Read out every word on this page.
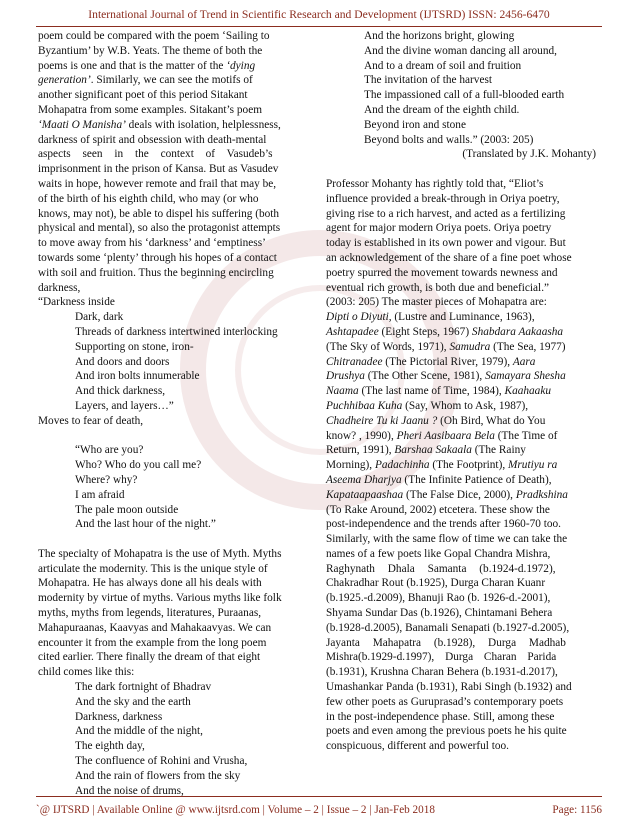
International Journal of Trend in Scientific Research and Development (IJTSRD) ISSN: 2456-6470
poem could be compared with the poem ‘Sailing to
Byzantium’ by W.B. Yeats. The theme of both the
poems is one and that is the matter of the ‘dying
generation’. Similarly, we can see the motifs of
another significant poet of this period Sitakant
Mohapatra from some examples. Sitakant’s poem
‘Maati O Manisha’ deals with isolation, helplessness,
darkness of spirit and obsession with death-mental
aspects seen in the context of Vasudeb’s
imprisonment in the prison of Kansa. But as Vasudev
waits in hope, however remote and frail that may be,
of the birth of his eighth child, who may (or who
knows, may not), be able to dispel his suffering (both
physical and mental), so also the protagonist attempts
to move away from his ‘darkness’ and ‘emptiness’
towards some ‘plenty’ through his hopes of a contact
with soil and fruition. Thus the beginning encircling
darkness,
“Darkness inside
Dark, dark
Threads of darkness intertwined interlocking
Supporting on stone, iron-
And doors and doors
And iron bolts innumerable
And thick darkness,
Layers, and layers…”
Moves to fear of death,
“Who are you?
Who? Who do you call me?
Where? why?
I am afraid
The pale moon outside
And the last hour of the night.”
The specialty of Mohapatra is the use of Myth. Myths
articulate the modernity. This is the unique style of
Mohapatra. He has always done all his deals with
modernity by virtue of myths. Various myths like folk
myths, myths from legends, literatures, Puraanas,
Mahapuraanas, Kaavyas and Mahakaavyas. We can
encounter it from the example from the long poem
cited earlier. There finally the dream of that eight
child comes like this:
The dark fortnight of Bhadrav
And the sky and the earth
Darkness, darkness
And the middle of the night,
The eighth day,
The confluence of Rohini and Vrusha,
And the rain of flowers from the sky
And the noise of drums,
And the horizons bright, glowing
And the divine woman dancing all around,
And to a dream of soil and fruition
The invitation of the harvest
The impassioned call of a full-blooded earth
And the dream of the eighth child.
Beyond iron and stone
Beyond bolts and walls.” (2003: 205)
(Translated by J.K. Mohanty)
Professor Mohanty has rightly told that, “Eliot’s
influence provided a break-through in Oriya poetry,
giving rise to a rich harvest, and acted as a fertilizing
agent for major modern Oriya poets. Oriya poetry
today is established in its own power and vigour. But
an acknowledgement of the share of a fine poet whose
poetry spurred the movement towards newness and
eventual rich growth, is both due and beneficial.”
(2003: 205) The master pieces of Mohapatra are:
Dipti o Diyuti, (Lustre and Luminance, 1963),
Ashtapadee (Eight Steps, 1967) Shabdara Aakaasha
(The Sky of Words, 1971), Samudra (The Sea, 1977)
Chitranadee (The Pictorial River, 1979), Aara
Drushya (The Other Scene, 1981), Samayara Shesha
Naama (The last name of Time, 1984), Kaahaaku
Puchhibaa Kuha (Say, Whom to Ask, 1987),
Chadheire Tu ki Jaanu ? (Oh Bird, What do You
know? , 1990), Pheri Aasibaara Bela (The Time of
Return, 1991), Barshaa Sakaala (The Rainy
Morning), Padachinha (The Footprint), Mrutiyu ra
Aseema Dharjya (The Infinite Patience of Death),
Kapataapaashaa (The False Dice, 2000), Pradkshina
(To Rake Around, 2002) etcetera. These show the
post-independence and the trends after 1960-70 too.
Similarly, with the same flow of time we can take the
names of a few poets like Gopal Chandra Mishra,
Raghynath Dhala Samanta (b.1924-d.1972),
Chakradhar Rout (b.1925), Durga Charan Kuanr
(b.1925.-d.2009), Bhanuji Rao (b. 1926-d.-2001),
Shyama Sundar Das (b.1926), Chintamani Behera
(b.1928-d.2005), Banamali Senapati (b.1927-d.2005),
Jayanta Mahapatra (b.1928), Durga Madhab
Mishra(b.1929-d.1997), Durga Charan Parida
(b.1931), Krushna Charan Behera (b.1931-d.2017),
Umashankar Panda (b.1931), Rabi Singh (b.1932) and
few other poets as Guruprasad’s contemporary poets
in the post-independence phase. Still, among these
poets and even among the previous poets he his quite
conspicuous, different and powerful too.
`@ IJTSRD | Available Online @ www.ijtsrd.com | Volume – 2 | Issue – 2 | Jan-Feb 2018	Page: 1156
